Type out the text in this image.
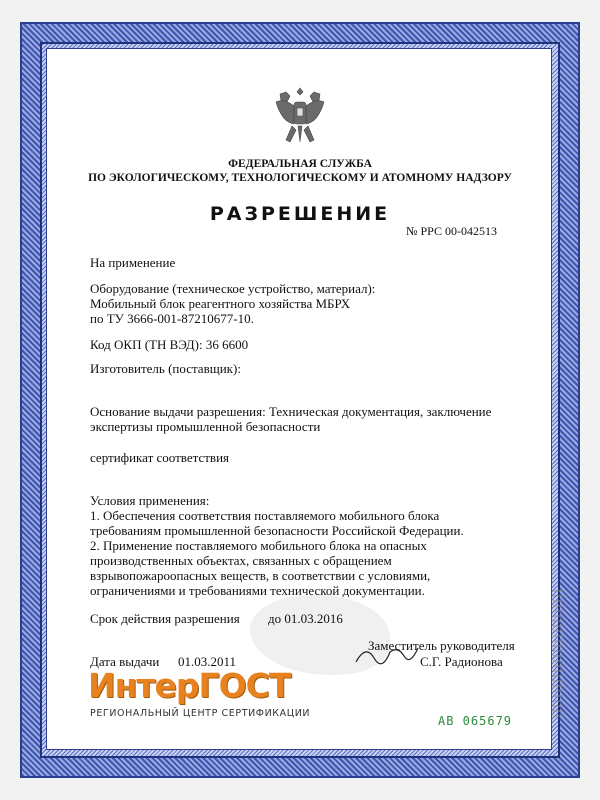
ФЕДЕРАЛЬНАЯ СЛУЖБА
ПО ЭКОЛОГИЧЕСКОМУ, ТЕХНОЛОГИЧЕСКОМУ И АТОМНОМУ НАДЗОРУ
РАЗРЕШЕНИЕ
№ РРС 00-042513
На применение
Оборудование (техническое устройство, материал):
Мобильный блок реагентного хозяйства МБРХ
по ТУ 3666-001-87210677-10.
Код ОКП (ТН ВЭД): 36 6600
Изготовитель (поставщик):
Основание выдачи разрешения: Техническая документация, заключение
экспертизы промышленной безопасности
сертификат соответствия
Условия применения:
1. Обеспечения соответствия поставляемого мобильного блока
требованиям промышленной безопасности Российской Федерации.
2. Применение поставляемого мобильного блока на опасных
производственных объектах, связанных с обращением
взрывопожароопасных веществ, в соответствии с условиями,
ограничениями и требованиями технической документации.
Срок действия разрешения до 01.03.2016
Дата выдачи 01.03.2011
Заместитель руководителя
С.Г. Радионова
ИнтерГОСТ
РЕГИОНАЛЬНЫЙ ЦЕНТР СЕРТИФИКАЦИИ
АВ 065679
